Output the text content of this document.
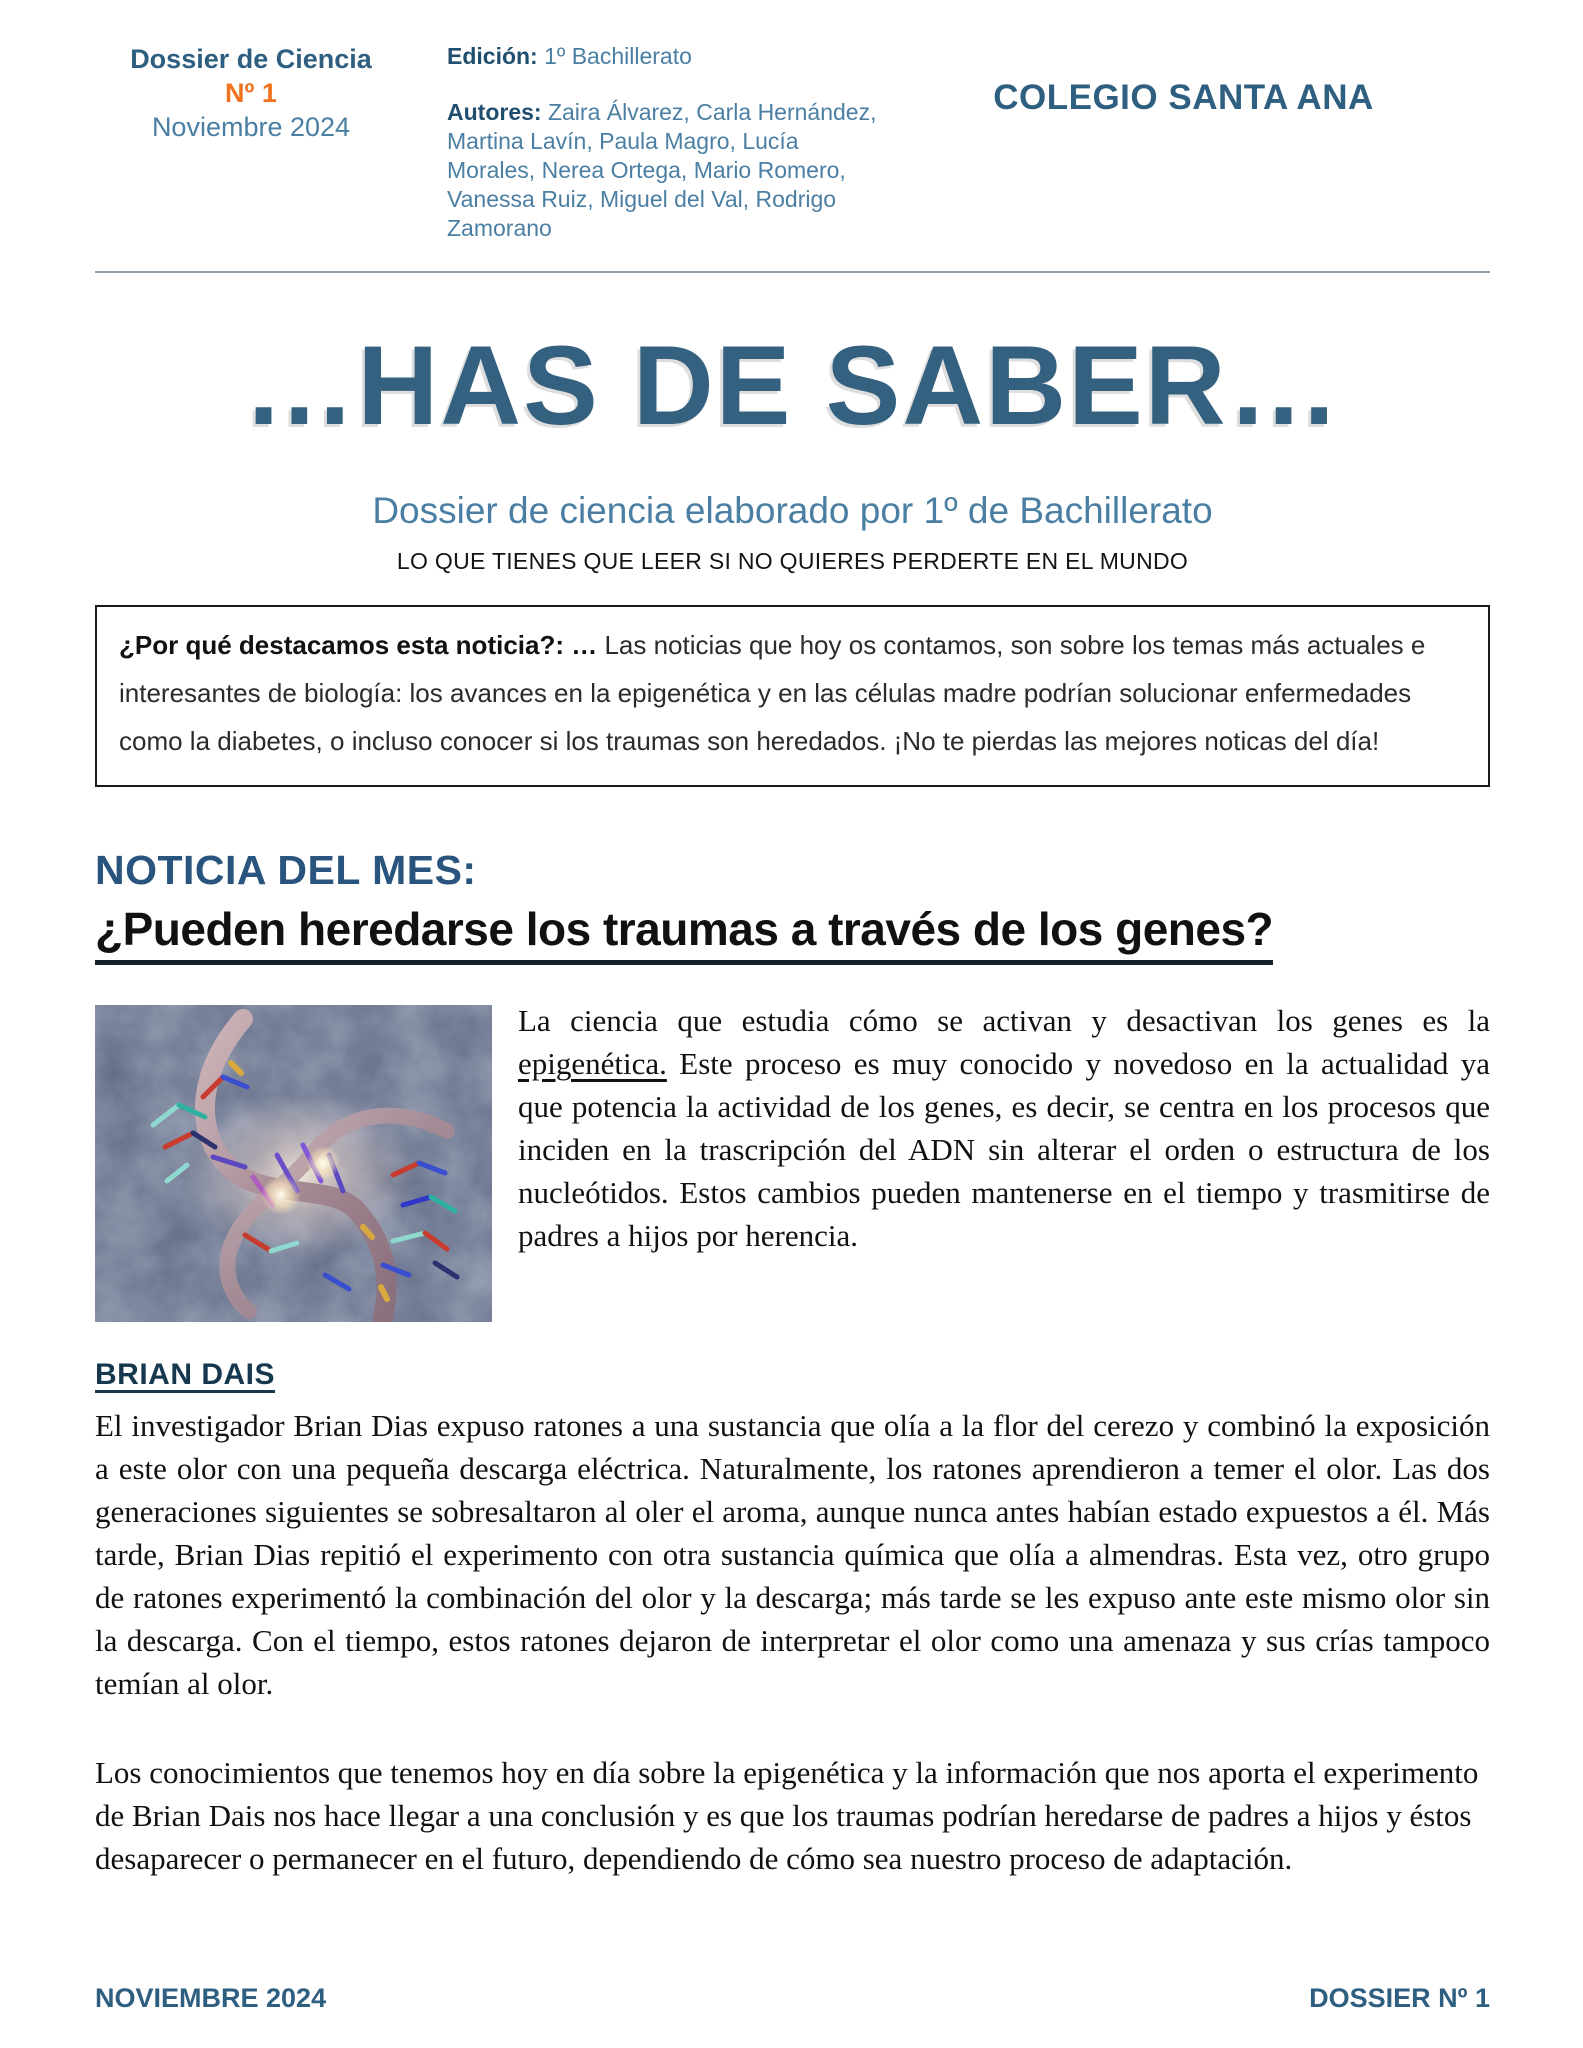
Dossier de Ciencia
Nº 1
Noviembre 2024
Edición: 1º Bachillerato
Autores: Zaira Álvarez, Carla Hernández, Martina Lavín, Paula Magro, Lucía Morales, Nerea Ortega, Mario Romero, Vanessa Ruiz, Miguel del Val, Rodrigo Zamorano
COLEGIO SANTA ANA
…HAS DE SABER…
Dossier de ciencia elaborado por 1º de Bachillerato
LO QUE TIENES QUE LEER SI NO QUIERES PERDERTE EN EL MUNDO
¿Por qué destacamos esta noticia?: … Las noticias que hoy os contamos, son sobre los temas más actuales e interesantes de biología: los avances en la epigenética y en las células madre podrían solucionar enfermedades como la diabetes, o incluso conocer si los traumas son heredados. ¡No te pierdas las mejores noticas del día!
NOTICIA DEL MES:
¿Pueden heredarse los traumas a través de los genes?

La ciencia que estudia cómo se activan y desactivan los genes es la epigenética. Este proceso es muy conocido y novedoso en la actualidad ya que potencia la actividad de los genes, es decir, se centra en los procesos que inciden en la trascripción del ADN sin alterar el orden o estructura de los nucleótidos. Estos cambios pueden mantenerse en el tiempo y trasmitirse de padres a hijos por herencia.

BRIAN DAIS

El investigador Brian Dias expuso ratones a una sustancia que olía a la flor del cerezo y combinó la exposición a este olor con una pequeña descarga eléctrica. Naturalmente, los ratones aprendieron a temer el olor. Las dos generaciones siguientes se sobresaltaron al oler el aroma, aunque nunca antes habían estado expuestos a él. Más tarde, Brian Dias repitió el experimento con otra sustancia química que olía a almendras. Esta vez, otro grupo de ratones experimentó la combinación del olor y la descarga; más tarde se les expuso ante este mismo olor sin la descarga. Con el tiempo, estos ratones dejaron de interpretar el olor como una amenaza y sus crías tampoco temían al olor.

Los conocimientos que tenemos hoy en día sobre la epigenética y la información que nos aporta el experimento de Brian Dais nos hace llegar a una conclusión y es que los traumas podrían heredarse de padres a hijos y éstos desaparecer o permanecer en el futuro, dependiendo de cómo sea nuestro proceso de adaptación.

NOVIEMBRE 2024	DOSSIER Nº 1
